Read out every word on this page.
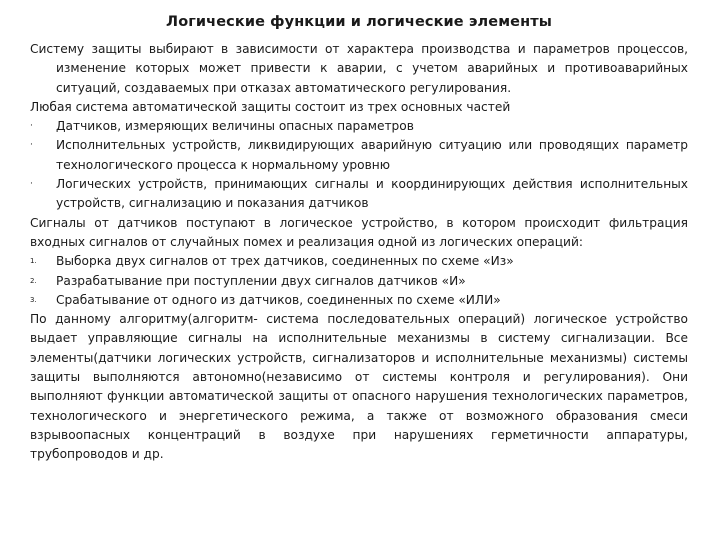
Логические функции и логические элементы

Систему защиты выбирают в зависимости от характера производства и параметров процессов, изменение которых может привести к аварии, с учетом аварийных и противоаварийных ситуаций, создаваемых при отказах автоматического регулирования.

Любая система автоматической защиты состоит из трех основных частей

·	Датчиков, измеряющих величины опасных параметров
·	Исполнительных устройств, ликвидирующих аварийную ситуацию или проводящих параметр технологического процесса к нормальному уровню
·	Логических устройств, принимающих сигналы и координирующих действия исполнительных устройств, сигнализацию и показания датчиков

Сигналы от датчиков поступают в логическое устройство, в котором происходит фильтрация входных сигналов от случайных помех и реализация одной из логических операций:

1.	Выборка двух сигналов от трех датчиков, соединенных по схеме «Из»
2.	Разрабатывание при поступлении двух сигналов датчиков «И»
3.	Срабатывание от одного из датчиков, соединенных по схеме «ИЛИ»

По данному алгоритму(алгоритм- система последовательных операций) логическое устройство выдает управляющие сигналы на исполнительные механизмы в систему сигнализации. Все элементы(датчики логических устройств, сигнализаторов и исполнительные механизмы) системы защиты выполняются автономно(независимо от системы контроля и регулирования). Они выполняют функции автоматической защиты от опасного нарушения технологических параметров, технологического и энергетического режима, а также от возможного образования смеси взрывоопасных концентраций в воздухе при нарушениях герметичности аппаратуры, трубопроводов и др.
